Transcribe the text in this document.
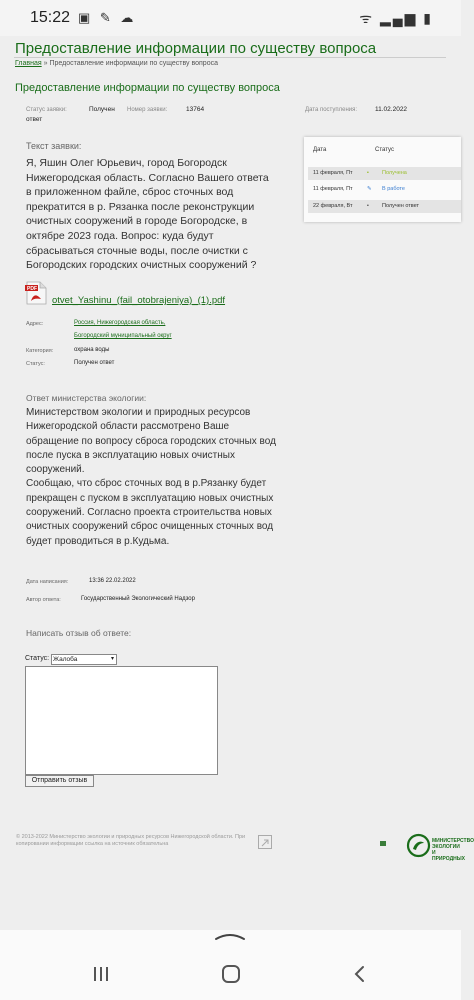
15:22 ▣ ✎ ☁	ᯤ ▂▄▆ ▮
Предоставление информации по существу вопроса
Главная » Предоставление информации по существу вопроса
Предоставление информации по существу вопроса
Статус заявки:	Получен
ответ
Номер заявки:	13764	Дата поступления:	11.02.2022
Текст заявки:
Я, Яшин Олег Юрьевич, город Богородск Нижегородская область. Согласно Вашего ответа в приложенном файле, сброс сточных вод прекратится в р. Рязанка после реконструкции очистных сооружений в городе Богородске, в октябре 2023 года. Вопрос: куда будут сбрасываться сточные воды, после очистки с Богородских городских очистных сооружений ?
Дата	Статус
11 февраля, Пт	▪ Получена
11 февраля, Пт	✎ В работе
22 февраля, Вт	▪ Получен ответ
PDF
otvet_Yashinu_(fail_otobrajeniya)_(1).pdf
Адрес:	Россия, Нижегородская область,
Богородский муниципальный округ
Категория:	охрана воды
Статус:	Получен ответ
Ответ министерства экологии:

Министерством экологии и природных ресурсов Нижегородской области рассмотрено Ваше обращение по вопросу сброса городских сточных вод после пуска в эксплуатацию новых очистных сооружений.

Сообщаю, что сброс сточных вод в р.Рязанку будет прекращен с пуском в эксплуатацию новых очистных сооружений. Согласно проекта строительства новых очистных сооружений сброс очищенных сточных вод будет проводиться в р.Кудьма.

Дата написания:	13:36 22.02.2022
Автор ответа:	Государственный Экологический Надзор
Написать отзыв об ответе:
Статус: Жалоба	▾
Отправить отзыв
© 2013-2022 Министерство экологии и природных ресурсов Нижегородской области. При копировании информации ссылка на источник обязательна	МИНИСТЕРСТВО ЭКОЛОГИИ И ПРИРОДНЫХ
